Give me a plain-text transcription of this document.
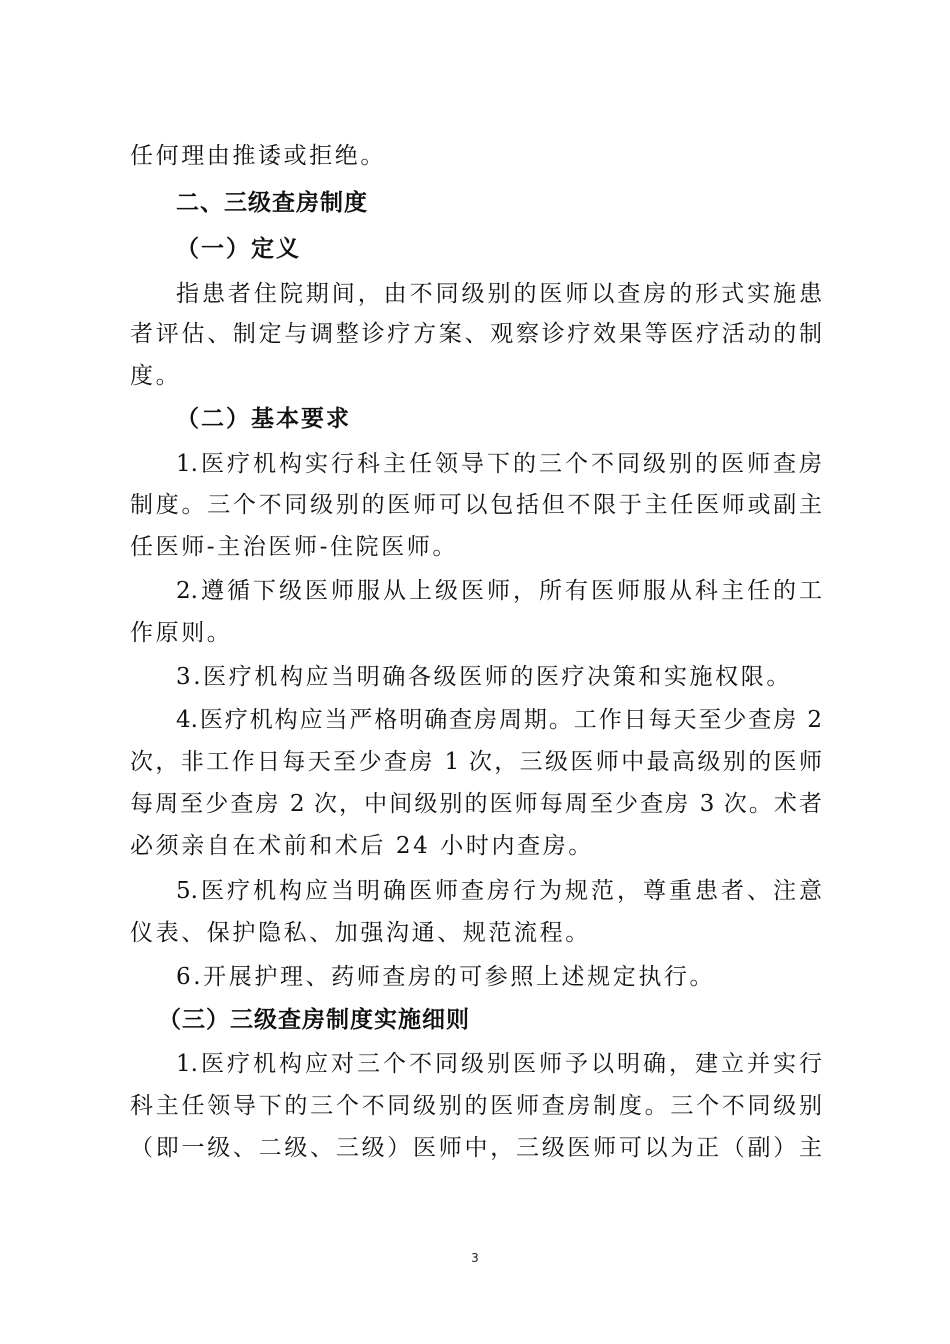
任何理由推诿或拒绝。
二、三级查房制度
（一）定义
指患者住院期间，由不同级别的医师以查房的形式实施患
者评估、制定与调整诊疗方案、观察诊疗效果等医疗活动的制
度。
（二）基本要求
1.医疗机构实行科主任领导下的三个不同级别的医师查房
制度。三个不同级别的医师可以包括但不限于主任医师或副主
任医师-主治医师-住院医师。
2.遵循下级医师服从上级医师，所有医师服从科主任的工
作原则。
3.医疗机构应当明确各级医师的医疗决策和实施权限。
4.医疗机构应当严格明确查房周期。工作日每天至少查房 2
次，非工作日每天至少查房 1 次，三级医师中最高级别的医师
每周至少查房 2 次，中间级别的医师每周至少查房 3 次。术者
必须亲自在术前和术后 24 小时内查房。
5.医疗机构应当明确医师查房行为规范，尊重患者、注意
仪表、保护隐私、加强沟通、规范流程。
6.开展护理、药师查房的可参照上述规定执行。
（三）三级查房制度实施细则
1.医疗机构应对三个不同级别医师予以明确，建立并实行
科主任领导下的三个不同级别的医师查房制度。三个不同级别
（即一级、二级、三级）医师中，三级医师可以为正（副）主
3
